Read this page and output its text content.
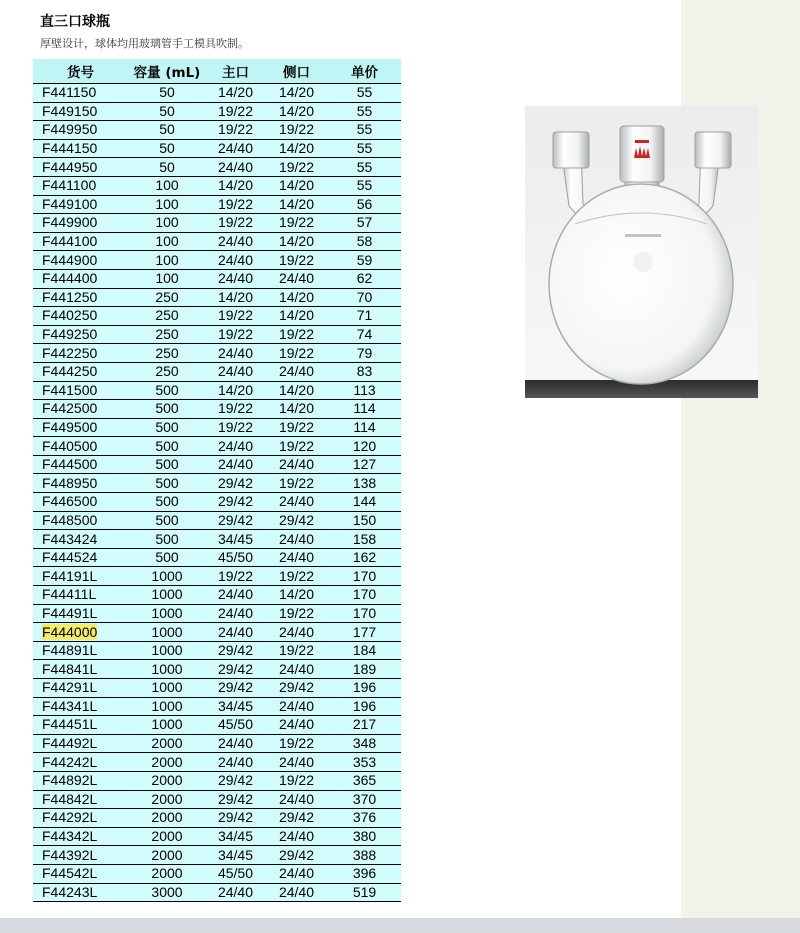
直三口球瓶
厚壁设计，球体均用玻璃管手工模具吹制。
货号	容量 (mL)	主口	侧口	单价
F441150	50	14/20	14/20	55
F449150	50	19/22	14/20	55
F449950	50	19/22	19/22	55
F444150	50	24/40	14/20	55
F444950	50	24/40	19/22	55
F441100	100	14/20	14/20	55
F449100	100	19/22	14/20	56
F449900	100	19/22	19/22	57
F444100	100	24/40	14/20	58
F444900	100	24/40	19/22	59
F444400	100	24/40	24/40	62
F441250	250	14/20	14/20	70
F440250	250	19/22	14/20	71
F449250	250	19/22	19/22	74
F442250	250	24/40	19/22	79
F444250	250	24/40	24/40	83
F441500	500	14/20	14/20	113
F442500	500	19/22	14/20	114
F449500	500	19/22	19/22	114
F440500	500	24/40	19/22	120
F444500	500	24/40	24/40	127
F448950	500	29/42	19/22	138
F446500	500	29/42	24/40	144
F448500	500	29/42	29/42	150
F443424	500	34/45	24/40	158
F444524	500	45/50	24/40	162
F44191L	1000	19/22	19/22	170
F44411L	1000	24/40	14/20	170
F44491L	1000	24/40	19/22	170
F444000	1000	24/40	24/40	177
F44891L	1000	29/42	19/22	184
F44841L	1000	29/42	24/40	189
F44291L	1000	29/42	29/42	196
F44341L	1000	34/45	24/40	196
F44451L	1000	45/50	24/40	217
F44492L	2000	24/40	19/22	348
F44242L	2000	24/40	24/40	353
F44892L	2000	29/42	19/22	365
F44842L	2000	29/42	24/40	370
F44292L	2000	29/42	29/42	376
F44342L	2000	34/45	24/40	380
F44392L	2000	34/45	29/42	388
F44542L	2000	45/50	24/40	396
F44243L	3000	24/40	24/40	519
